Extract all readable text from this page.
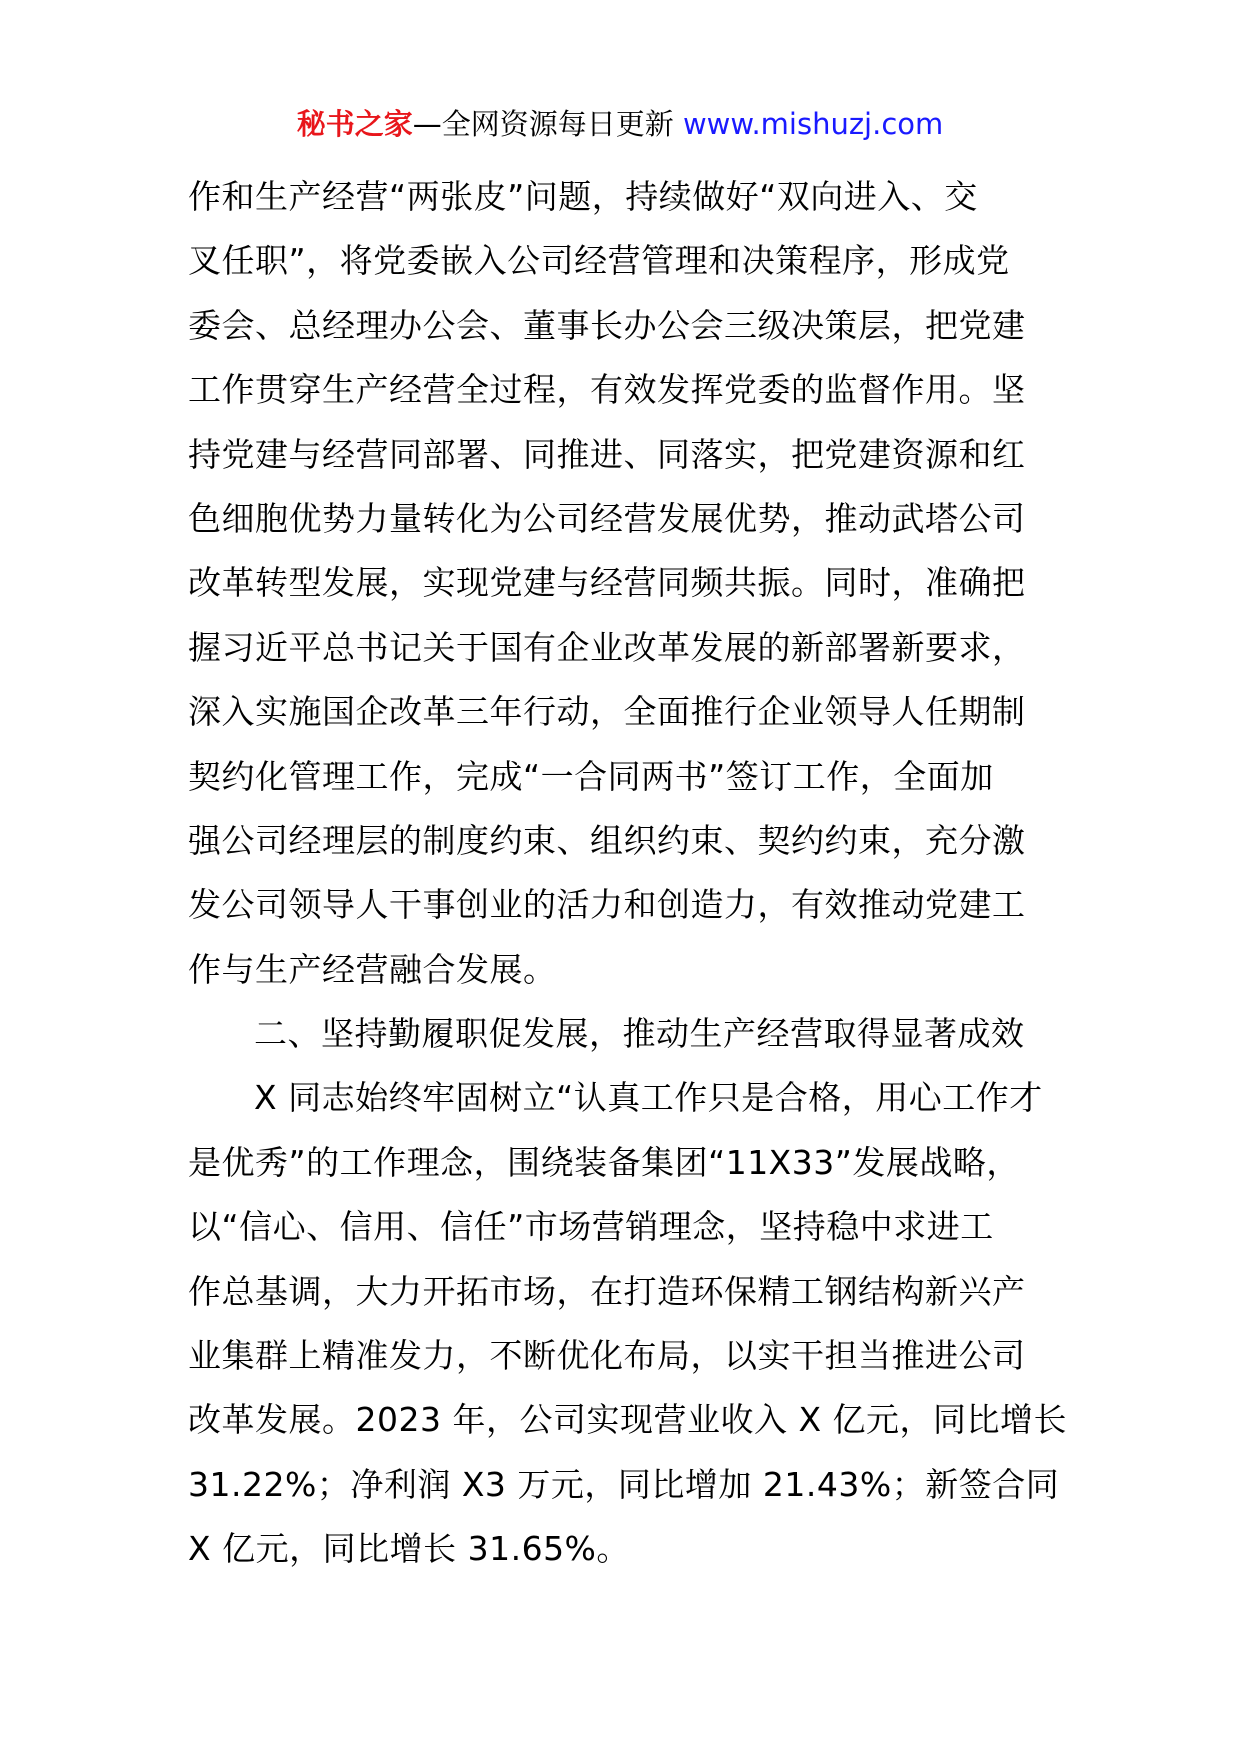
秘书之家—全网资源每日更新 www.mishuzj.com
作和生产经营“两张皮”问题，持续做好“双向进入、交
叉任职”，将党委嵌入公司经营管理和决策程序，形成党
委会、总经理办公会、董事长办公会三级决策层，把党建
工作贯穿生产经营全过程，有效发挥党委的监督作用。坚
持党建与经营同部署、同推进、同落实，把党建资源和红
色细胞优势力量转化为公司经营发展优势，推动武塔公司
改革转型发展，实现党建与经营同频共振。同时，准确把
握习近平总书记关于国有企业改革发展的新部署新要求，
深入实施国企改革三年行动，全面推行企业领导人任期制
契约化管理工作，完成“一合同两书”签订工作，全面加
强公司经理层的制度约束、组织约束、契约约束，充分激
发公司领导人干事创业的活力和创造力，有效推动党建工
作与生产经营融合发展。
二、坚持勤履职促发展，推动生产经营取得显著成效
X 同志始终牢固树立“认真工作只是合格，用心工作才
是优秀”的工作理念，围绕装备集团“11X33”发展战略，
以“信心、信用、信任”市场营销理念，坚持稳中求进工
作总基调，大力开拓市场，在打造环保精工钢结构新兴产
业集群上精准发力，不断优化布局，以实干担当推进公司
改革发展。2023 年，公司实现营业收入 X 亿元，同比增长
31.22%；净利润 X3 万元，同比增加 21.43%；新签合同
X 亿元，同比增长 31.65%。
